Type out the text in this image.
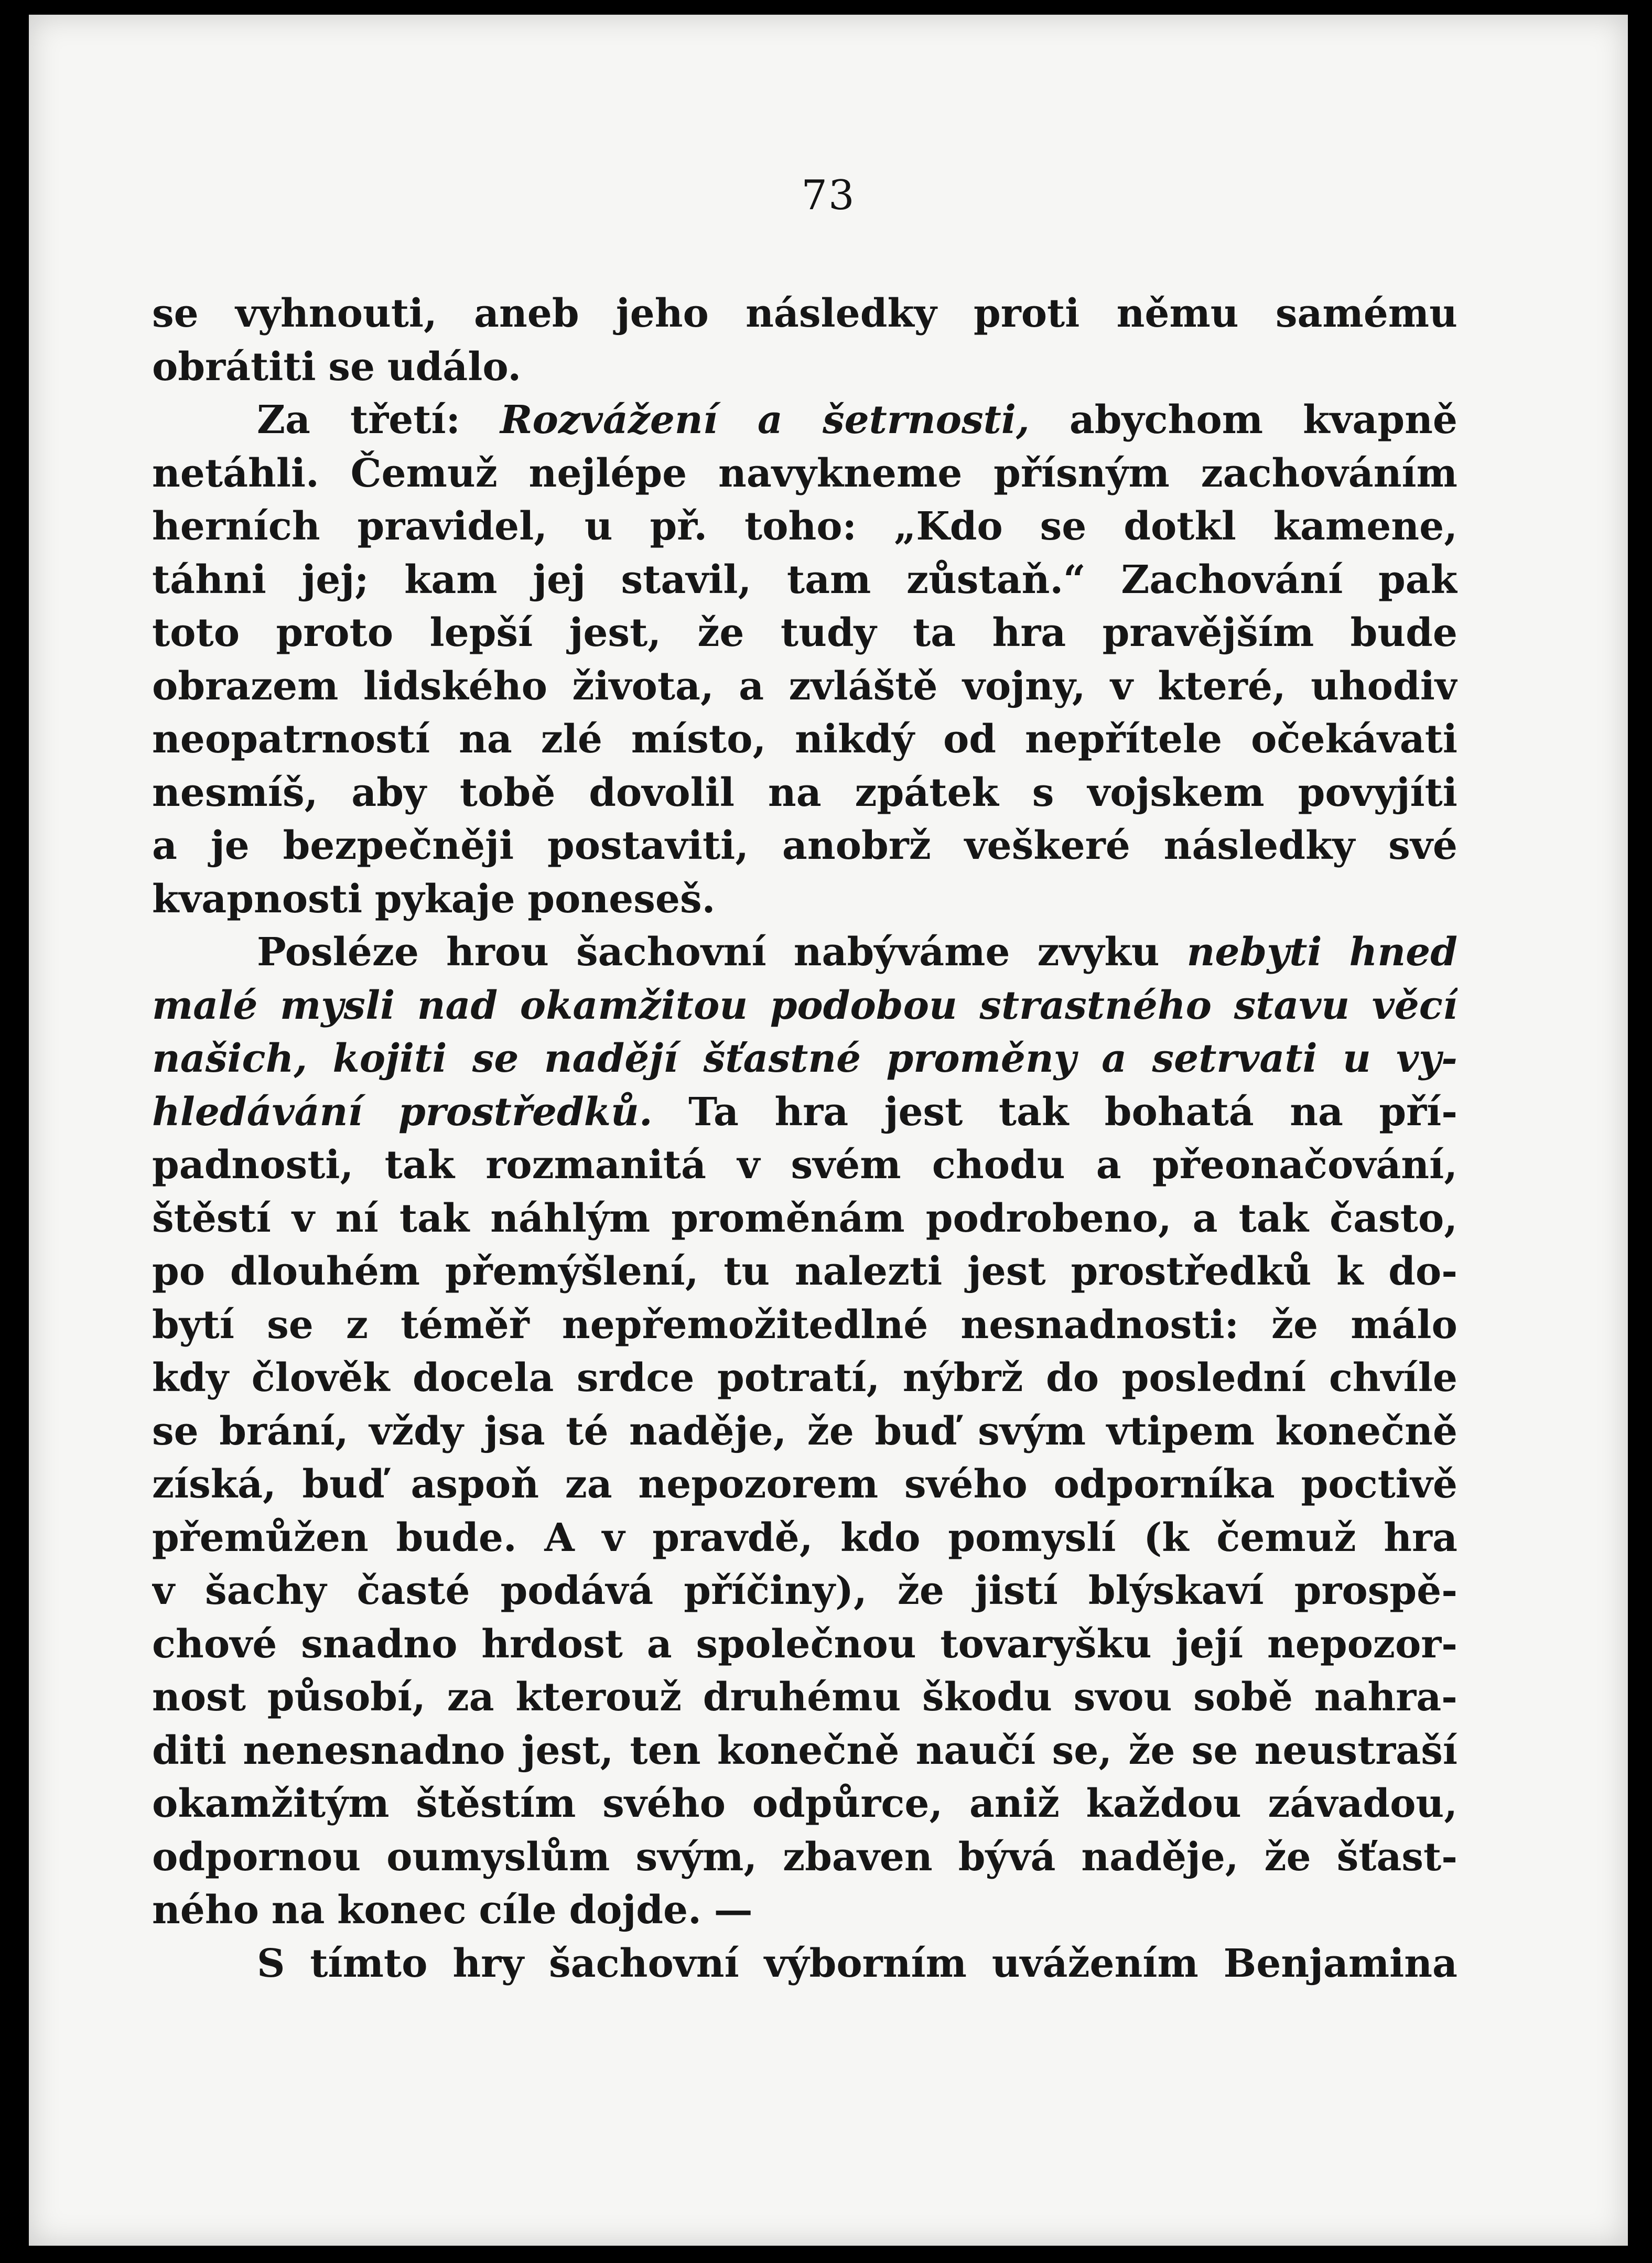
73
se vyhnouti, aneb jeho následky proti němu samému
obrátiti se událo.
Za třetí: Rozvážení a šetrnosti, abychom kvapně
netáhli. Čemuž nejlépe navykneme přísným zachováním
herních pravidel, u př. toho: „Kdo se dotkl kamene,
táhni jej; kam jej stavil, tam zůstaň.“ Zachování pak
toto proto lepší jest, že tudy ta hra pravějším bude
obrazem lidského života, a zvláště vojny, v které, uhodiv
neopatrností na zlé místo, nikdý od nepřítele očekávati
nesmíš, aby tobě dovolil na zpátek s vojskem povyjíti
a je bezpečněji postaviti, anobrž veškeré následky své
kvapnosti pykaje poneseš.
Posléze hrou šachovní nabýváme zvyku nebyti hned
malé mysli nad okamžitou podobou strastného stavu věcí
našich, kojiti se nadějí šťastné proměny a setrvati u vy-
hledávání prostředků. Ta hra jest tak bohatá na pří-
padnosti, tak rozmanitá v svém chodu a přeonačování,
štěstí v ní tak náhlým proměnám podrobeno, a tak často,
po dlouhém přemýšlení, tu nalezti jest prostředků k do-
bytí se z téměř nepřemožitedlné nesnadnosti: že málo
kdy člověk docela srdce potratí, nýbrž do poslední chvíle
se brání, vždy jsa té naděje, že buď svým vtipem konečně
získá, buď aspoň za nepozorem svého odporníka poctivě
přemůžen bude. A v pravdě, kdo pomyslí (k čemuž hra
v šachy časté podává příčiny), že jistí blýskaví prospě-
chové snadno hrdost a společnou tovaryšku její nepozor-
nost působí, za kterouž druhému škodu svou sobě nahra-
diti nenesnadno jest, ten konečně naučí se, že se neustraší
okamžitým štěstím svého odpůrce, aniž každou závadou,
odpornou oumyslům svým, zbaven bývá naděje, že šťast-
ného na konec cíle dojde. —
S tímto hry šachovní výborním uvážením Benjamina
